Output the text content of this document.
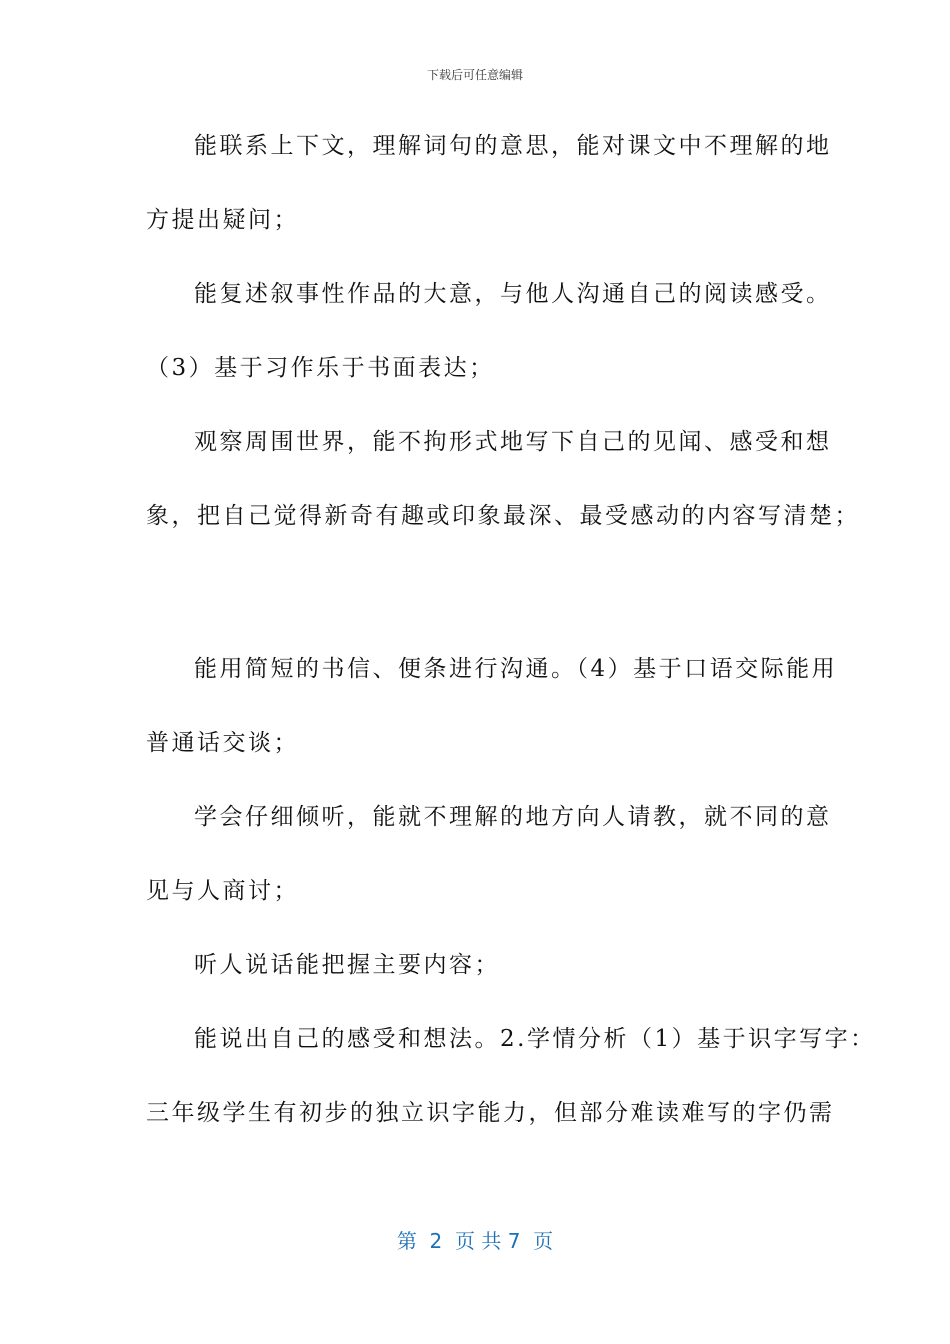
下载后可任意编辑
能联系上下文，理解词句的意思，能对课文中不理解的地
方提出疑问；
能复述叙事性作品的大意，与他人沟通自己的阅读感受。
（3）基于习作乐于书面表达；
观察周围世界，能不拘形式地写下自己的见闻、感受和想
象，把自己觉得新奇有趣或印象最深、最受感动的内容写清楚；
能用简短的书信、便条进行沟通。（4）基于口语交际能用
普通话交谈；
学会仔细倾听，能就不理解的地方向人请教，就不同的意
见与人商讨；
听人说话能把握主要内容；
能说出自己的感受和想法。2.学情分析（1）基于识字写字：
三年级学生有初步的独立识字能力，但部分难读难写的字仍需
第  2  页 共 7  页
